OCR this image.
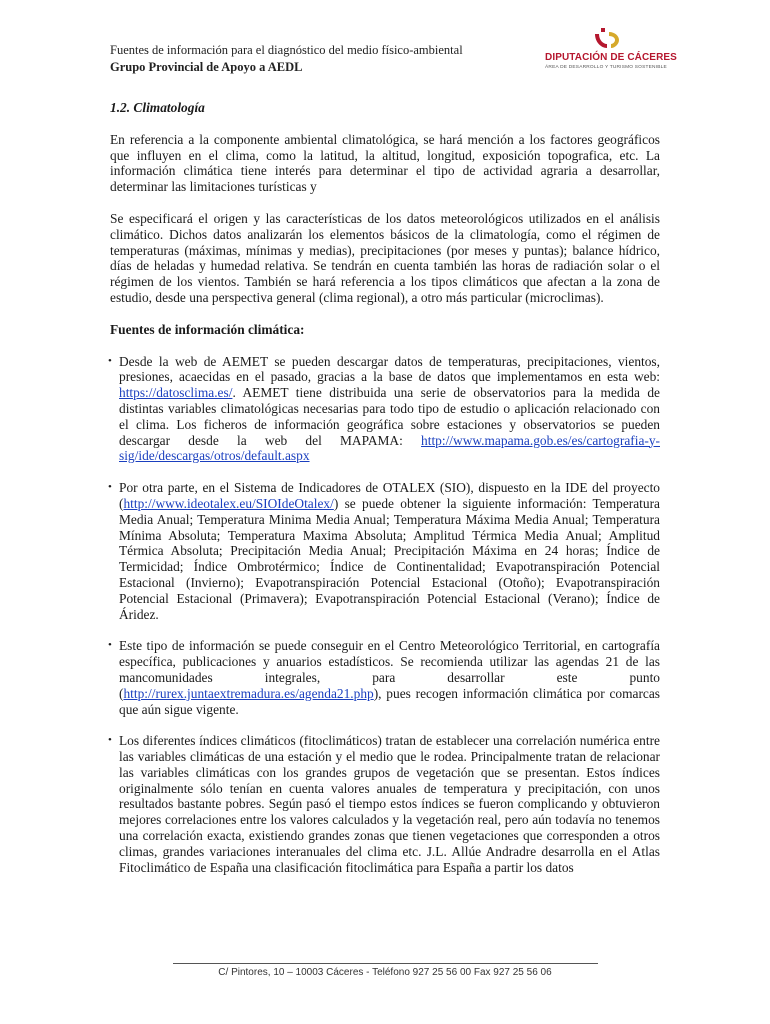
Fuentes de información para el diagnóstico del medio físico-ambiental
Grupo Provincial de Apoyo a AEDL
DIPUTACIÓN DE CÁCERES
ÁREA DE DESARROLLO Y TURISMO SOSTENIBLE
1.2. Climatología
En referencia a la componente ambiental climatológica, se hará mención a los factores geográficos que influyen en el clima, como la latitud, la altitud, longitud, exposición topografica, etc. La información climática tiene interés para determinar el tipo de actividad agraria a desarrollar, determinar las limitaciones turísticas y
Se especificará el origen y las características de los datos meteorológicos utilizados en el análisis climático. Dichos datos analizarán los elementos básicos de la climatología, como el régimen de temperaturas (máximas, mínimas y medias), precipitaciones (por meses y puntas); balance hídrico, días de heladas y humedad relativa. Se tendrán en cuenta también las horas de radiación solar o el régimen de los vientos. También se hará referencia a los tipos climáticos que afectan a la zona de estudio, desde una perspectiva general (clima regional), a otro más particular (microclimas).
Fuentes de información climática:
• Desde la web de AEMET se pueden descargar datos de temperaturas, precipitaciones, vientos, presiones, acaecidas en el pasado, gracias a la base de datos que implementamos en esta web: https://datosclima.es/. AEMET tiene distribuida una serie de observatorios para la medida de distintas variables climatológicas necesarias para todo tipo de estudio o aplicación relacionado con el clima. Los ficheros de información geográfica sobre estaciones y observatorios se pueden descargar desde la web del MAPAMA: http://www.mapama.gob.es/es/cartografia-y-sig/ide/descargas/otros/default.aspx
• Por otra parte, en el Sistema de Indicadores de OTALEX (SIO), dispuesto en la IDE del proyecto (http://www.ideotalex.eu/SIOIdeOtalex/) se puede obtener la siguiente información: Temperatura Media Anual; Temperatura Minima Media Anual; Temperatura Máxima Media Anual; Temperatura Mínima Absoluta; Temperatura Maxima Absoluta; Amplitud Térmica Media Anual; Amplitud Térmica Absoluta; Precipitación Media Anual; Precipitación Máxima en 24 horas; Índice de Termicidad; Índice Ombrotérmico; Índice de Continentalidad; Evapotranspiración Potencial Estacional (Invierno); Evapotranspiración Potencial Estacional (Otoño); Evapotranspiración Potencial Estacional (Primavera); Evapotranspiración Potencial Estacional (Verano); Índice de Áridez.
• Este tipo de información se puede conseguir en el Centro Meteorológico Territorial, en cartografía específica, publicaciones y anuarios estadísticos. Se recomienda utilizar las agendas 21 de las mancomunidades integrales, para desarrollar este punto (http://rurex.juntaextremadura.es/agenda21.php), pues recogen información climática por comarcas que aún sigue vigente.
• Los diferentes índices climáticos (fitoclimáticos) tratan de establecer una correlación numérica entre las variables climáticas de una estación y el medio que le rodea. Principalmente tratan de relacionar las variables climáticas con los grandes grupos de vegetación que se presentan. Estos índices originalmente sólo tenían en cuenta valores anuales de temperatura y precipitación, con unos resultados bastante pobres. Según pasó el tiempo estos índices se fueron complicando y obtuvieron mejores correlaciones entre los valores calculados y la vegetación real, pero aún todavía no tenemos una correlación exacta, existiendo grandes zonas que tienen vegetaciones que corresponden a otros climas, grandes variaciones interanuales del clima etc. J.L. Allúe Andradre desarrolla en el Atlas Fitoclimático de España una clasificación fitoclimática para España a partir los datos
C/ Pintores, 10 – 10003 Cáceres - Teléfono 927 25 56 00 Fax 927 25 56 06
